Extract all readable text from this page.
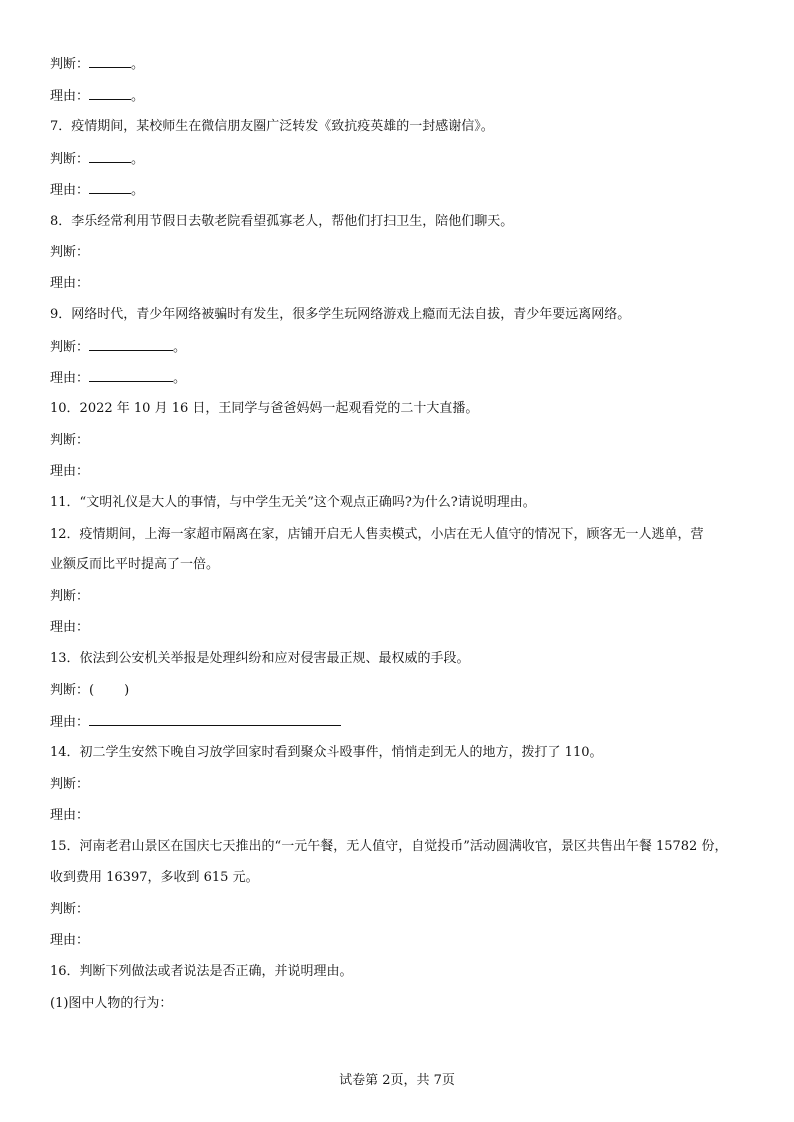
判断：	。
理由：	。
7．疫情期间，某校师生在微信朋友圈广泛转发《致抗疫英雄的一封感谢信》。
判断：	。
理由：	。
8．李乐经常利用节假日去敬老院看望孤寡老人，帮他们打扫卫生，陪他们聊天。
判断：
理由：
9．网络时代，青少年网络被骗时有发生，很多学生玩网络游戏上瘾而无法自拔，青少年要远离网络。
判断：	。
理由：	。
10．2022 年 10 月 16 日，王同学与爸爸妈妈一起观看党的二十大直播。
判断：
理由：
11．“文明礼仪是大人的事情，与中学生无关”这个观点正确吗?为什么?请说明理由。
12．疫情期间，上海一家超市隔离在家，店铺开启无人售卖模式，小店在无人值守的情况下，顾客无一人逃单，营
业额反而比平时提高了一倍。
判断：
理由：
13．依法到公安机关举报是处理纠纷和应对侵害最正规、最权威的手段。
判断：( )
理由：
14．初二学生安然下晚自习放学回家时看到聚众斗殴事件，悄悄走到无人的地方，拨打了 110。
判断：
理由：
15．河南老君山景区在国庆七天推出的“一元午餐，无人值守，自觉投币”活动圆满收官，景区共售出午餐 15782 份，
收到费用 16397，多收到 615 元。
判断：
理由：
16．判断下列做法或者说法是否正确，并说明理由。
(1)图中人物的行为：
试卷第 2页，共 7页
